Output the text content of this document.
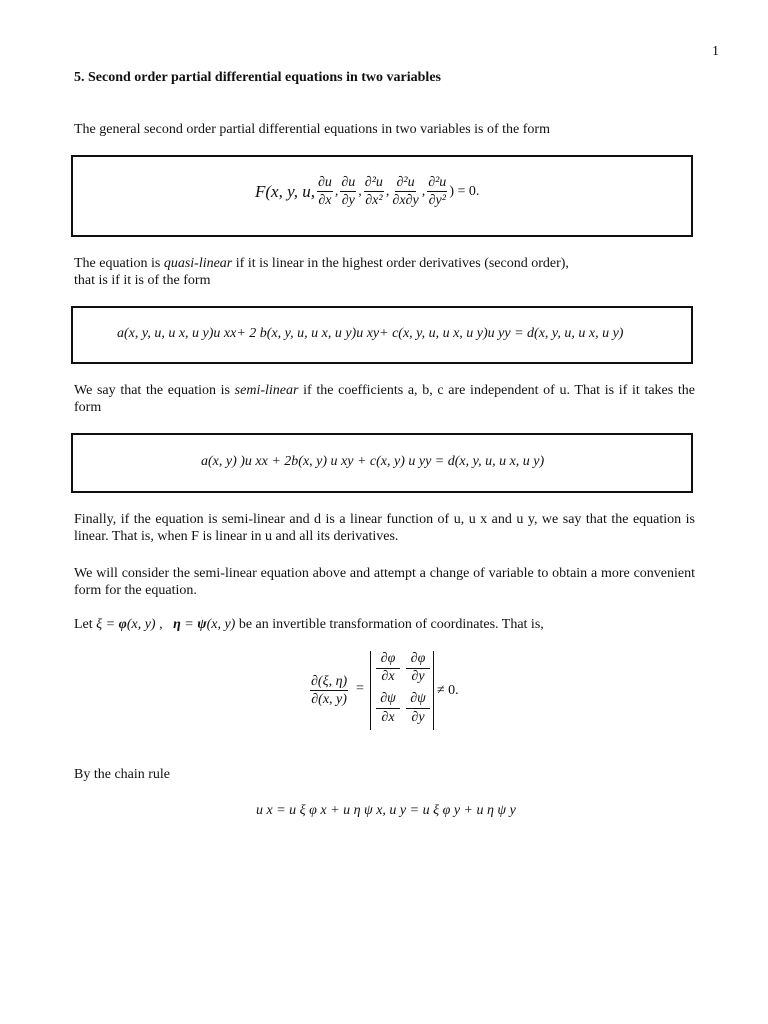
1
5. Second order partial differential equations in two variables
The general second order partial differential equations in two variables is of the form
F(x, y, u, $\frac{\partial u}{\partial x}$ , $\frac{\partial u}{\partial y}$ , $\frac{\text{∂²u}}{\text{∂x²}}$ , $\frac{\text{∂²u}}{\partial x\partial y}$ , $\frac{\text{∂²u}}{\text{∂y²}}$ ) = 0.
The equation is quasi-linear if it is linear in the highest order derivatives (second order),
that is if it is of the form
a(x, y, u, u x, u y)u xx+ 2 b(x, y, u, u x, u y)u xy+ c(x, y, u, u x, u y)u yy = d(x, y, u, u x, u y)
We say that the equation is semi-linear if the coefficients a, b, c are independent of u. That is if it takes the form
a(x, y) )u xx + 2b(x, y) u xy + c(x, y) u yy = d(x, y, u, u x, u y)
Finally, if the equation is semi-linear and d is a linear function of u, u x and u y, we say that the equation is linear. That is, when F is linear in u and all its derivatives.
We will consider the semi-linear equation above and attempt a change of variable to obtain a more convenient form for the equation.
Let ξ = φ(x, y) ,   η = ψ(x, y) be an invertible transformation of coordinates. That is,
$\frac{\partial(\xi, \eta)}{\partial(x, y)}$ =
∂φ
∂x
∂φ
∂y
∂ψ
∂x
∂ψ
∂y
≠ 0.
By the chain rule
u x = u ξ φ x + u η ψ x, u y = u ξ φ y + u η ψ y
